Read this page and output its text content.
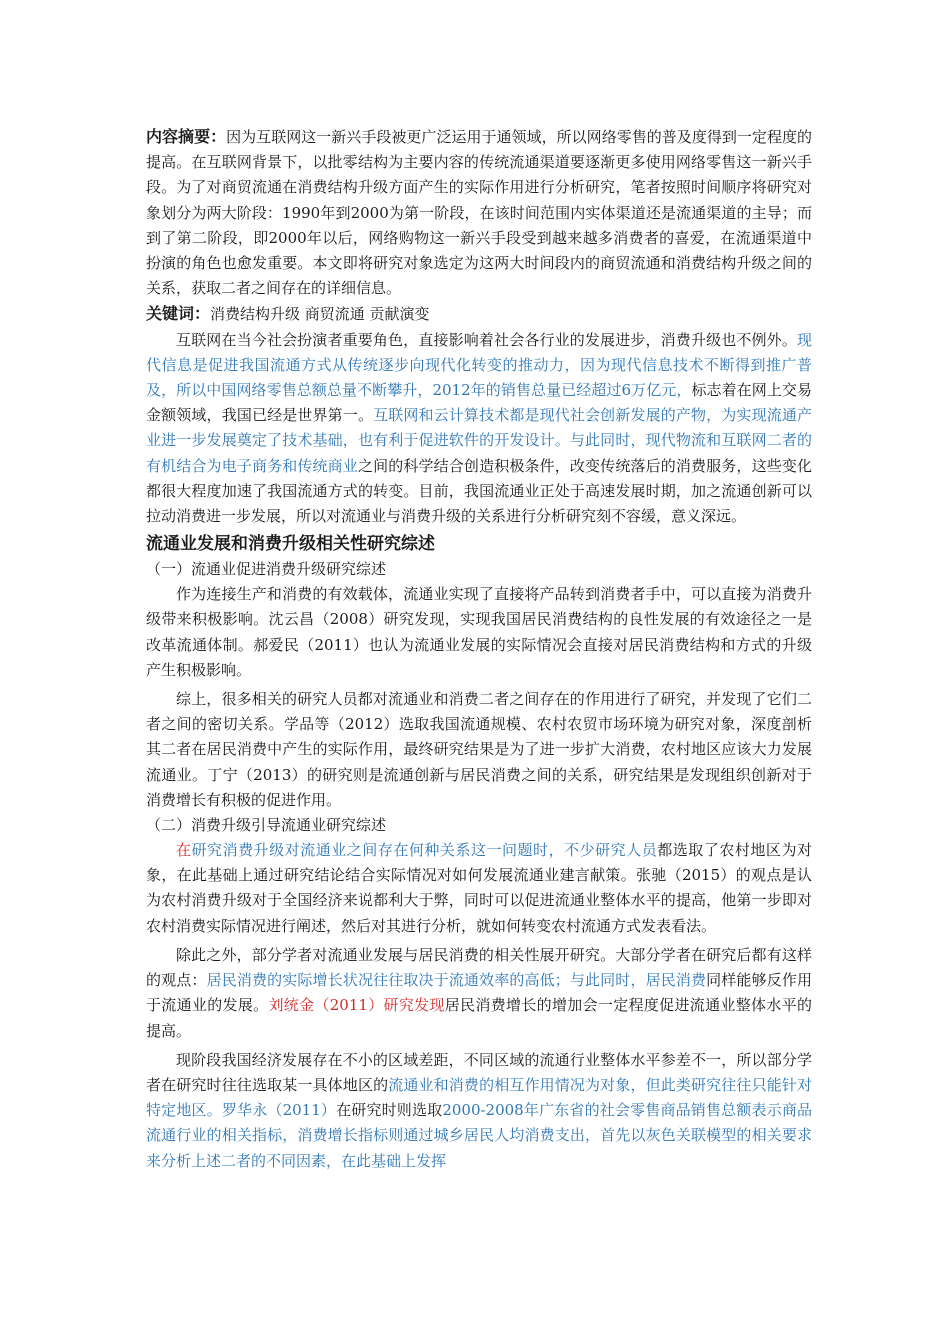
内容摘要：因为互联网这一新兴手段被更广泛运用于通领域，所以网络零售的普及度得到一定程度的提高。在互联网背景下，以批零结构为主要内容的传统流通渠道要逐渐更多使用网络零售这一新兴手段。为了对商贸流通在消费结构升级方面产生的实际作用进行分析研究，笔者按照时间顺序将研究对象划分为两大阶段：1990年到2000为第一阶段，在该时间范围内实体渠道还是流通渠道的主导；而到了第二阶段，即2000年以后，网络购物这一新兴手段受到越来越多消费者的喜爱，在流通渠道中扮演的角色也愈发重要。本文即将研究对象选定为这两大时间段内的商贸流通和消费结构升级之间的关系，获取二者之间存在的详细信息。

关键词：消费结构升级 商贸流通 贡献演变

互联网在当今社会扮演者重要角色，直接影响着社会各行业的发展进步，消费升级也不例外。现代信息是促进我国流通方式从传统逐步向现代化转变的推动力，因为现代信息技术不断得到推广普及，所以中国网络零售总额总量不断攀升，2012年的销售总量已经超过6万亿元，标志着在网上交易金额领域，我国已经是世界第一。互联网和云计算技术都是现代社会创新发展的产物，为实现流通产业进一步发展奠定了技术基础，也有利于促进软件的开发设计。与此同时，现代物流和互联网二者的有机结合为电子商务和传统商业之间的科学结合创造积极条件，改变传统落后的消费服务，这些变化都很大程度加速了我国流通方式的转变。目前，我国流通业正处于高速发展时期，加之流通创新可以拉动消费进一步发展，所以对流通业与消费升级的关系进行分析研究刻不容缓，意义深远。

流通业发展和消费升级相关性研究综述

（一）流通业促进消费升级研究综述

作为连接生产和消费的有效载体，流通业实现了直接将产品转到消费者手中，可以直接为消费升级带来积极影响。沈云昌（2008）研究发现，实现我国居民消费结构的良性发展的有效途径之一是改革流通体制。郝爱民（2011）也认为流通业发展的实际情况会直接对居民消费结构和方式的升级产生积极影响。

综上，很多相关的研究人员都对流通业和消费二者之间存在的作用进行了研究，并发现了它们二者之间的密切关系。学品等（2012）选取我国流通规模、农村农贸市场环境为研究对象，深度剖析其二者在居民消费中产生的实际作用，最终研究结果是为了进一步扩大消费，农村地区应该大力发展流通业。丁宁（2013）的研究则是流通创新与居民消费之间的关系，研究结果是发现组织创新对于消费增长有积极的促进作用。

（二）消费升级引导流通业研究综述

在研究消费升级对流通业之间存在何种关系这一问题时，不少研究人员都选取了农村地区为对象，在此基础上通过研究结论结合实际情况对如何发展流通业建言献策。张驰（2015）的观点是认为农村消费升级对于全国经济来说都利大于弊，同时可以促进流通业整体水平的提高，他第一步即对农村消费实际情况进行阐述，然后对其进行分析，就如何转变农村流通方式发表看法。

除此之外，部分学者对流通业发展与居民消费的相关性展开研究。大部分学者在研究后都有这样的观点：居民消费的实际增长状况往往取决于流通效率的高低；与此同时，居民消费同样能够反作用于流通业的发展。刘统金（2011）研究发现居民消费增长的增加会一定程度促进流通业整体水平的提高。

现阶段我国经济发展存在不小的区域差距，不同区域的流通行业整体水平参差不一，所以部分学者在研究时往往选取某一具体地区的流通业和消费的相互作用情况为对象，但此类研究往往只能针对特定地区。罗华永（2011）在研究时则选取2000-2008年广东省的社会零售商品销售总额表示商品流通行业的相关指标，消费增长指标则通过城乡居民人均消费支出，首先以灰色关联模型的相关要求来分析上述二者的不同因素，在此基础上发挥
